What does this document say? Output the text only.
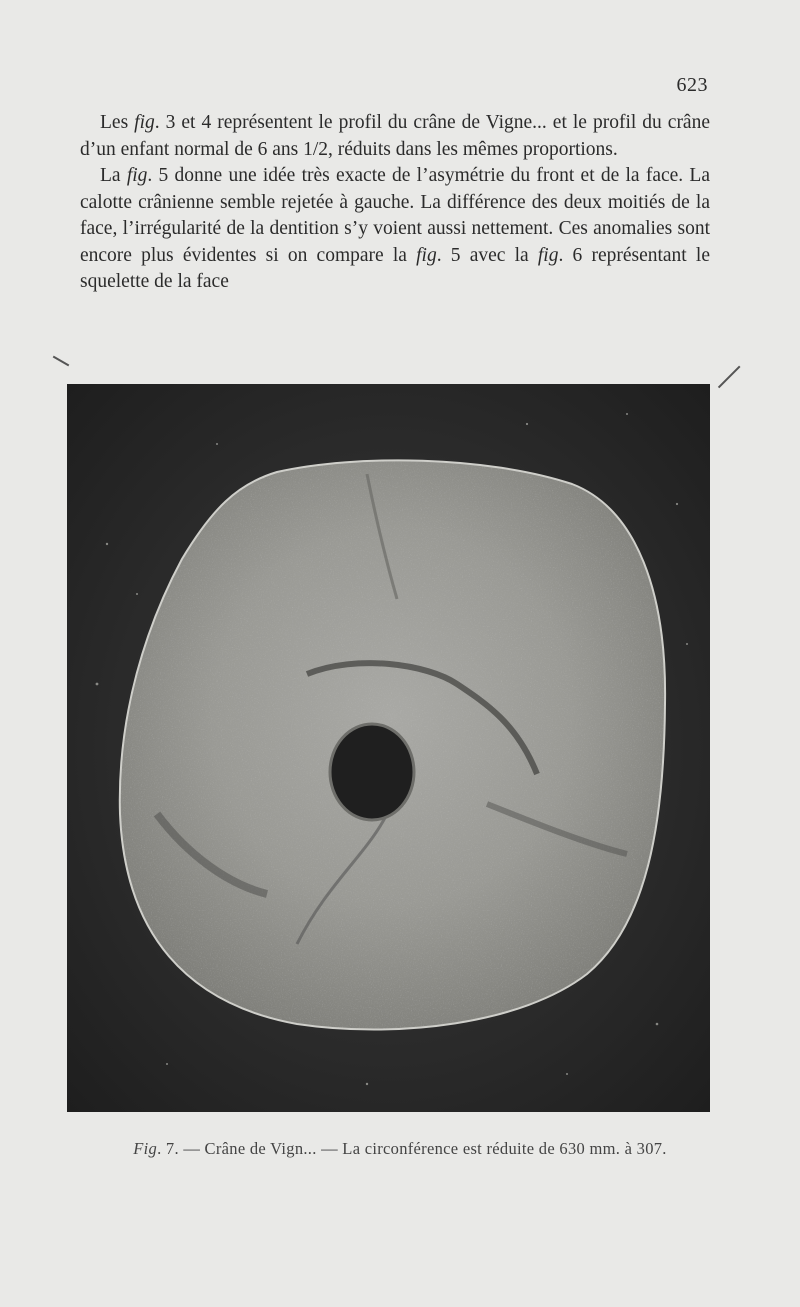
623

Les fig. 3 et 4 représentent le profil du crâne de Vigne... et le profil du crâne d’un enfant normal de 6 ans 1/2, réduits dans les mêmes proportions.

La fig. 5 donne une idée très exacte de l’asymétrie du front et de la face. La calotte crânienne semble rejetée à gauche. La différence des deux moitiés de la face, l’irrégularité de la dentition s’y voient aussi nettement. Ces anomalies sont encore plus évidentes si on compare la fig. 5 avec la fig. 6 représentant le squelette de la face

Fig. 7. — Crâne de Vign... — La circonférence est réduite de 630 mm. à 307.
